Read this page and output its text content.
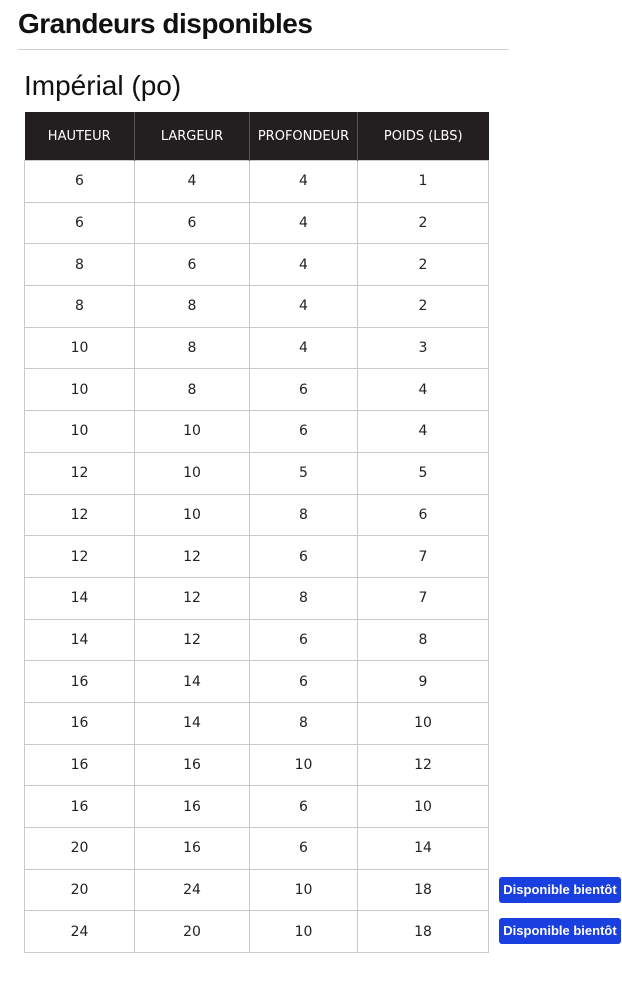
Grandeurs disponibles
Impérial (po)
HAUTEUR	LARGEUR	PROFONDEUR	POIDS (LBS)
6	4	4	1
6	6	4	2
8	6	4	2
8	8	4	2
10	8	4	3
10	8	6	4
10	10	6	4
12	10	5	5
12	10	8	6
12	12	6	7
14	12	8	7
14	12	6	8
16	14	6	9
16	14	8	10
16	16	10	12
16	16	6	10
20	16	6	14
20	24	10	18
24	20	10	18
Disponible bientôt
Disponible bientôt
